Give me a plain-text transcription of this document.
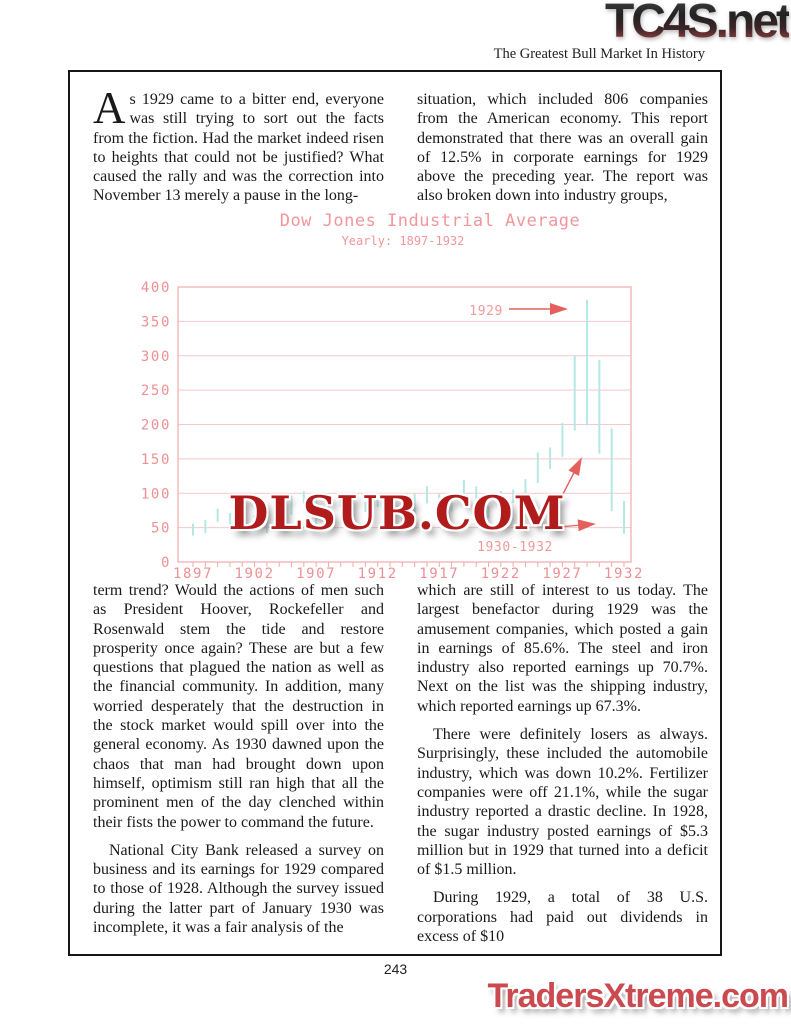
TC4S.net
The Greatest Bull Market In History

As 1929 came to a bitter end, everyone was still trying to sort out the facts from the fiction. Had the market indeed risen to heights that could not be justified? What caused the rally and was the correction into November 13 merely a pause in the long-

situation, which included 806 companies from the American economy. This report demonstrated that there was an overall gain of 12.5% in corporate earnings for 1929 above the preceding year. The report was also broken down into industry groups,

Dow Jones Industrial Average
Yearly: 1897-1932
0
50
100
150
200
250
300
350
400
1897 1902 1907 1912 1917 1922 1927 1932
1929
1930-1932
DLSUB.COM

term trend? Would the actions of men such as President Hoover, Rockefeller and Rosenwald stem the tide and restore prosperity once again? These are but a few questions that plagued the nation as well as the financial community. In addition, many worried desperately that the destruction in the stock market would spill over into the general economy. As 1930 dawned upon the chaos that man had brought down upon himself, optimism still ran high that all the prominent men of the day clenched within their fists the power to command the future.

National City Bank released a survey on business and its earnings for 1929 compared to those of 1928. Although the survey issued during the latter part of January 1930 was incomplete, it was a fair analysis of the

which are still of interest to us today. The largest benefactor during 1929 was the amusement companies, which posted a gain in earnings of 85.6%. The steel and iron industry also reported earnings up 70.7%. Next on the list was the shipping industry, which reported earnings up 67.3%.

There were definitely losers as always. Surprisingly, these included the automobile industry, which was down 10.2%. Fertilizer companies were off 21.1%, while the sugar industry reported a drastic decline. In 1928, the sugar industry posted earnings of $5.3 million but in 1929 that turned into a deficit of $1.5 million.

During 1929, a total of 38 U.S. corporations had paid out dividends in excess of $10

243
TradersXtreme.com
